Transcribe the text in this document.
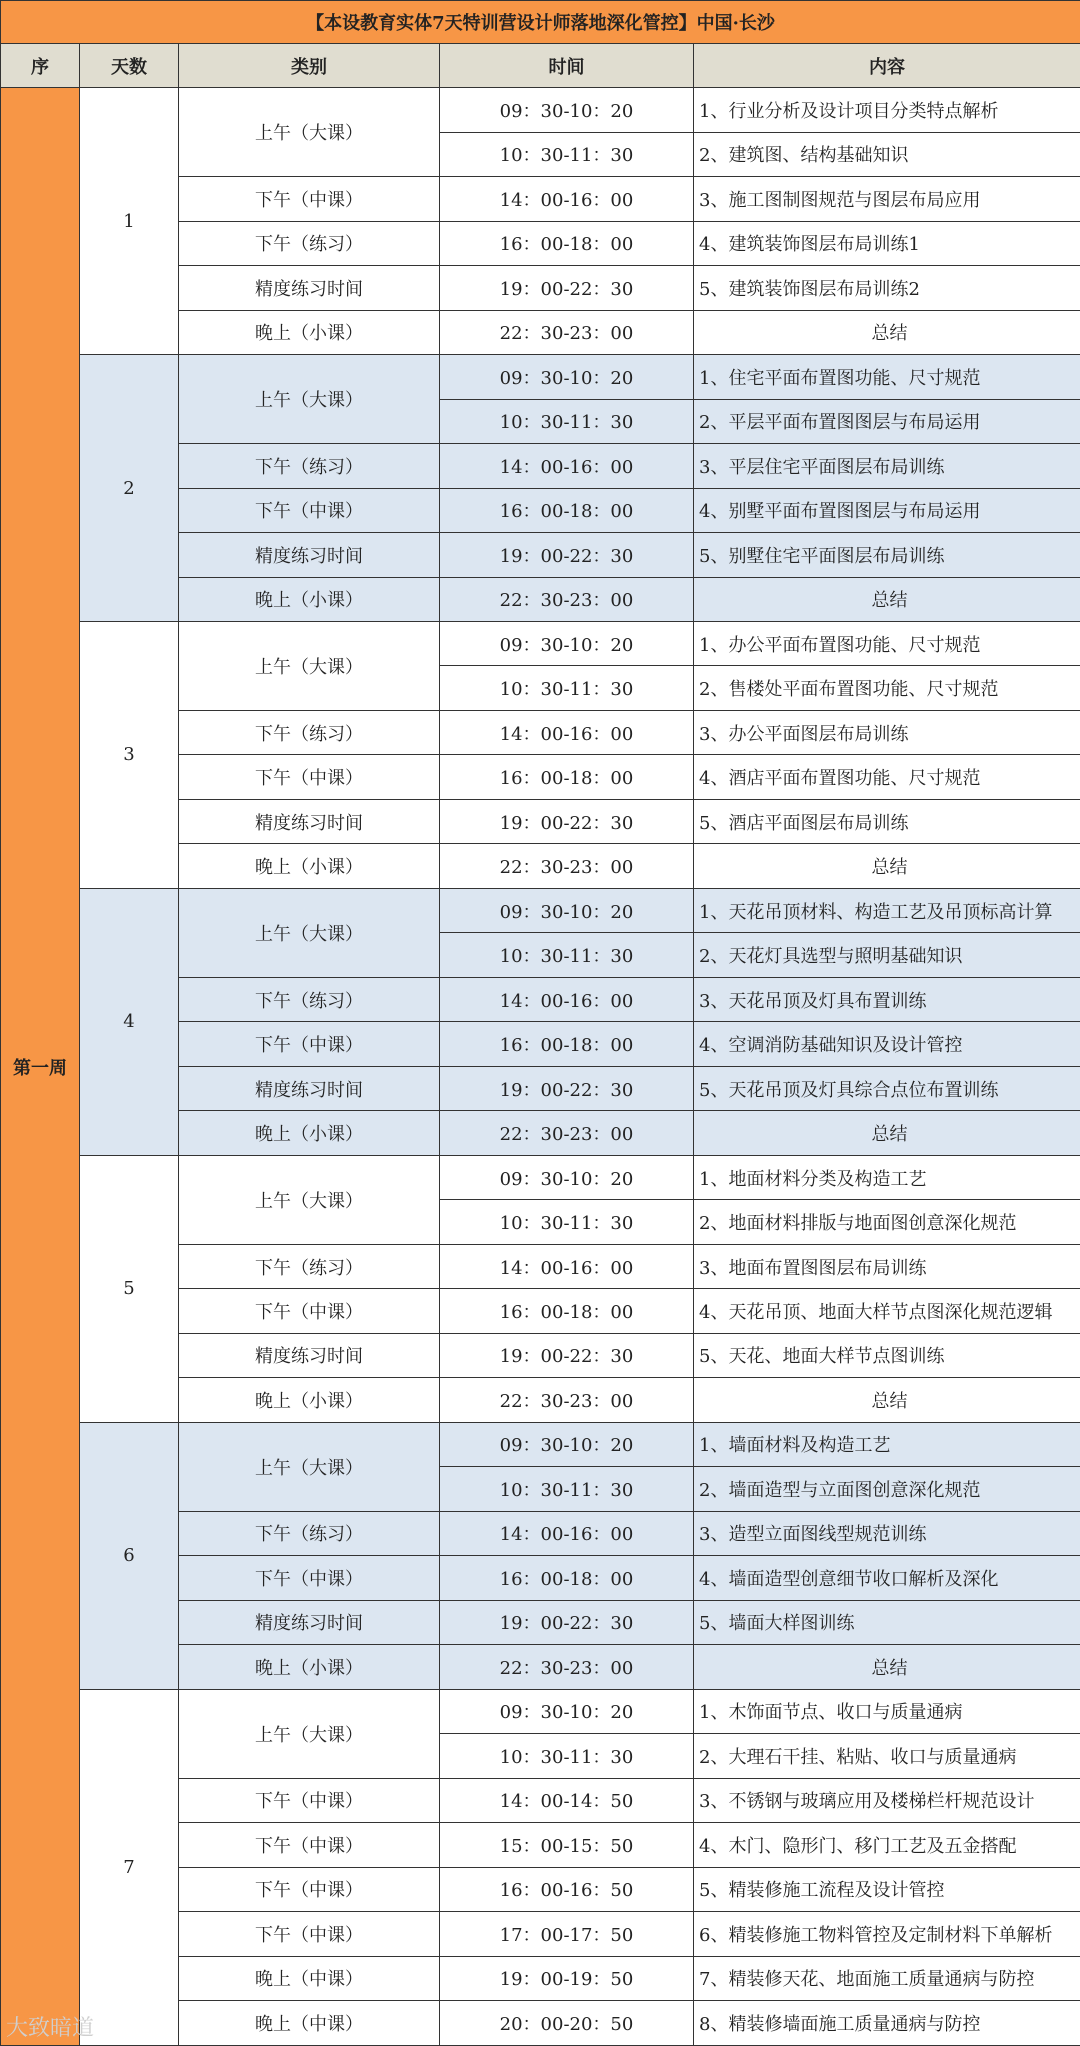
【本设教育实体7天特训营设计师落地深化管控】中国·长沙				
序	天数	类别	时间	内容
第一周	1	上午（大课）	09：30-10：20	1、行业分析及设计项目分类特点解析
			10：30-11：30	2、建筑图、结构基础知识
		下午（中课）	14：00-16：00	3、施工图制图规范与图层布局应用
		下午（练习）	16：00-18：00	4、建筑装饰图层布局训练1
		精度练习时间	19：00-22：30	5、建筑装饰图层布局训练2
		晚上（小课）	22：30-23：00	总结
	2	上午（大课）	09：30-10：20	1、住宅平面布置图功能、尺寸规范
			10：30-11：30	2、平层平面布置图图层与布局运用
		下午（练习）	14：00-16：00	3、平层住宅平面图层布局训练
		下午（中课）	16：00-18：00	4、别墅平面布置图图层与布局运用
		精度练习时间	19：00-22：30	5、别墅住宅平面图层布局训练
		晚上（小课）	22：30-23：00	总结
	3	上午（大课）	09：30-10：20	1、办公平面布置图功能、尺寸规范
			10：30-11：30	2、售楼处平面布置图功能、尺寸规范
		下午（练习）	14：00-16：00	3、办公平面图层布局训练
		下午（中课）	16：00-18：00	4、酒店平面布置图功能、尺寸规范
		精度练习时间	19：00-22：30	5、酒店平面图层布局训练
		晚上（小课）	22：30-23：00	总结
	4	上午（大课）	09：30-10：20	1、天花吊顶材料、构造工艺及吊顶标高计算
			10：30-11：30	2、天花灯具选型与照明基础知识
		下午（练习）	14：00-16：00	3、天花吊顶及灯具布置训练
		下午（中课）	16：00-18：00	4、空调消防基础知识及设计管控
		精度练习时间	19：00-22：30	5、天花吊顶及灯具综合点位布置训练
		晚上（小课）	22：30-23：00	总结
	5	上午（大课）	09：30-10：20	1、地面材料分类及构造工艺
			10：30-11：30	2、地面材料排版与地面图创意深化规范
		下午（练习）	14：00-16：00	3、地面布置图图层布局训练
		下午（中课）	16：00-18：00	4、天花吊顶、地面大样节点图深化规范逻辑
		精度练习时间	19：00-22：30	5、天花、地面大样节点图训练
		晚上（小课）	22：30-23：00	总结
	6	上午（大课）	09：30-10：20	1、墙面材料及构造工艺
			10：30-11：30	2、墙面造型与立面图创意深化规范
		下午（练习）	14：00-16：00	3、造型立面图线型规范训练
		下午（中课）	16：00-18：00	4、墙面造型创意细节收口解析及深化
		精度练习时间	19：00-22：30	5、墙面大样图训练
		晚上（小课）	22：30-23：00	总结
	7	上午（大课）	09：30-10：20	1、木饰面节点、收口与质量通病
			10：30-11：30	2、大理石干挂、粘贴、收口与质量通病
		下午（中课）	14：00-14：50	3、不锈钢与玻璃应用及楼梯栏杆规范设计
		下午（中课）	15：00-15：50	4、木门、隐形门、移门工艺及五金搭配
		下午（中课）	16：00-16：50	5、精装修施工流程及设计管控
		下午（中课）	17：00-17：50	6、精装修施工物料管控及定制材料下单解析
		晚上（中课）	19：00-19：50	7、精装修天花、地面施工质量通病与防控
		晚上（中课）	20：00-20：50	8、精装修墙面施工质量通病与防控
大致暗道
